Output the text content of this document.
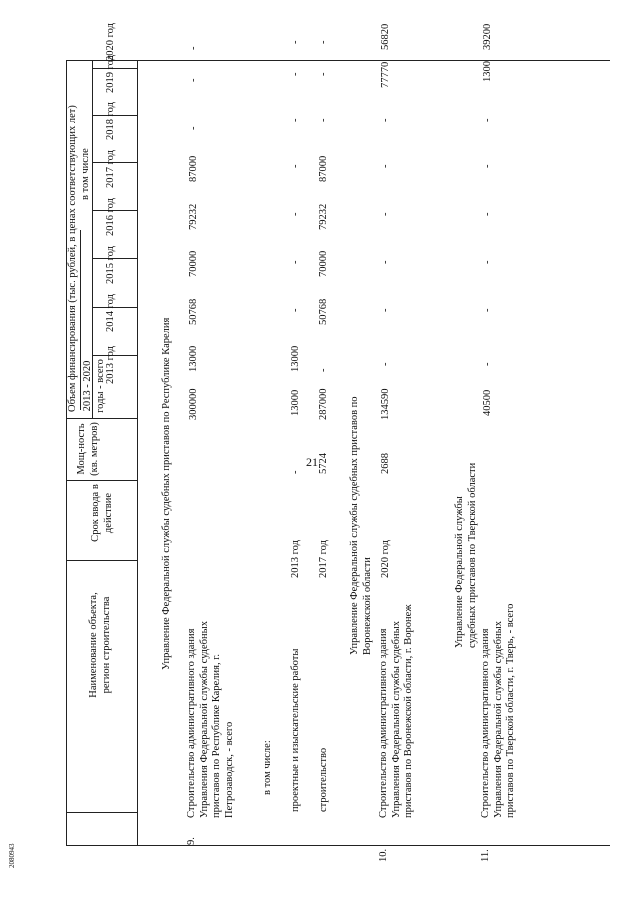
21
2080943
Наименование объекта, регион строительства
Срок ввода в действие
Мощ-ность (кв. метров)
Объем финансирования (тыс. рублей, в ценах соответствующих лет) 2013 - 2020 годы - всего
в том числе
2013 год
2014 год
2015 год
2016 год
2017 год
2018 год
2019 год
2020 год
Управление Федеральной службы судебных приставов по Республике Карелия	Управление Федеральной службы судебных приставов по Воронежской области	Управление Федеральной службы судебных приставов по Тверской области
9.
Строительство административного здания Управления Федеральной службы судебных приставов по Республике Карелия, г. Петрозаводск, - всего
300000
13000
50768
70000
79232
87000
-
-
-
в том числе: проектные и изыскательские работы
2013 год
-
13000
13000
-
-
-
-
-
-
-
строительство
2017 год
5724
287000
-
50768
70000
79232
87000
-
-
-
10.
Строительство административного здания Управления Федеральной службы судебных приставов по Воронежской области, г. Воронеж
2020 год
2688
134590
-
-
-
-
-
-
77770
56820
11.
Строительство административного здания Управления Федеральной службы судебных приставов по Тверской области, г. Тверь, - всего
40500
-
-
-
-
-
-
1300
39200
